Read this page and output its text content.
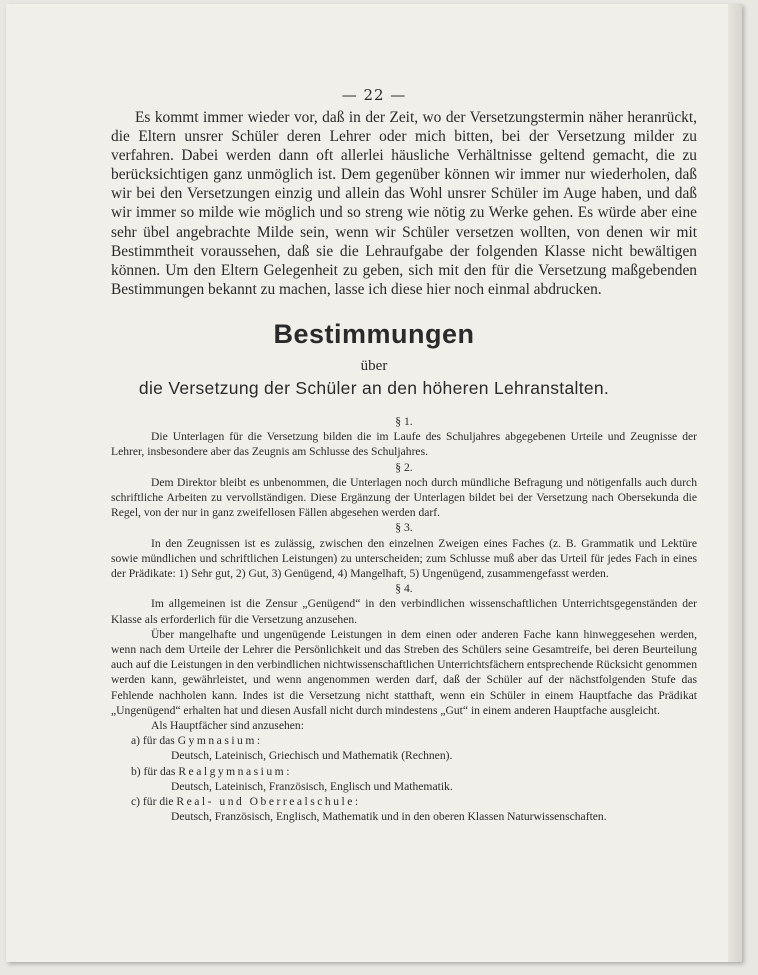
— 22 —

Es kommt immer wieder vor, daß in der Zeit, wo der Versetzungstermin näher heranrückt, die Eltern unsrer Schüler deren Lehrer oder mich bitten, bei der Versetzung milder zu verfahren. Dabei werden dann oft allerlei häusliche Verhältnisse geltend gemacht, die zu berücksichtigen ganz unmöglich ist. Dem gegenüber können wir immer nur wiederholen, daß wir bei den Versetzungen einzig und allein das Wohl unsrer Schüler im Auge haben, und daß wir immer so milde wie möglich und so streng wie nötig zu Werke gehen. Es würde aber eine sehr übel angebrachte Milde sein, wenn wir Schüler versetzen wollten, von denen wir mit Bestimmtheit voraussehen, daß sie die Lehraufgabe der folgenden Klasse nicht bewältigen können. Um den Eltern Gelegenheit zu geben, sich mit den für die Versetzung maßgebenden Bestimmungen bekannt zu machen, lasse ich diese hier noch einmal abdrucken.

Bestimmungen
über
die Versetzung der Schüler an den höheren Lehranstalten.

§ 1.

Die Unterlagen für die Versetzung bilden die im Laufe des Schuljahres abgegebenen Urteile und Zeugnisse der Lehrer, insbesondere aber das Zeugnis am Schlusse des Schuljahres.

§ 2.

Dem Direktor bleibt es unbenommen, die Unterlagen noch durch mündliche Befragung und nötigenfalls auch durch schriftliche Arbeiten zu vervollständigen. Diese Ergänzung der Unterlagen bildet bei der Versetzung nach Obersekunda die Regel, von der nur in ganz zweifellosen Fällen abgesehen werden darf.

§ 3.

In den Zeugnissen ist es zulässig, zwischen den einzelnen Zweigen eines Faches (z. B. Grammatik und Lektüre sowie mündlichen und schriftlichen Leistungen) zu unterscheiden; zum Schlusse muß aber das Urteil für jedes Fach in eines der Prädikate: 1) Sehr gut, 2) Gut, 3) Genügend, 4) Mangelhaft, 5) Ungenügend, zusammengefasst werden.

§ 4.

Im allgemeinen ist die Zensur „Genügend“ in den verbindlichen wissenschaftlichen Unterrichtsgegenständen der Klasse als erforderlich für die Versetzung anzusehen.

Über mangelhafte und ungenügende Leistungen in dem einen oder anderen Fache kann hinweggesehen werden, wenn nach dem Urteile der Lehrer die Persönlichkeit und das Streben des Schülers seine Gesamtreife, bei deren Beurteilung auch auf die Leistungen in den verbindlichen nichtwissenschaftlichen Unterrichtsfächern entsprechende Rücksicht genommen werden kann, gewährleistet, und wenn angenommen werden darf, daß der Schüler auf der nächstfolgenden Stufe das Fehlende nachholen kann. Indes ist die Versetzung nicht statthaft, wenn ein Schüler in einem Hauptfache das Prädikat „Ungenügend“ erhalten hat und diesen Ausfall nicht durch mindestens „Gut“ in einem anderen Hauptfache ausgleicht.

Als Hauptfächer sind anzusehen:

a) für das Gymnasium:

Deutsch, Lateinisch, Griechisch und Mathematik (Rechnen).

b) für das Realgymnasium:

Deutsch, Lateinisch, Französisch, Englisch und Mathematik.

c) für die Real- und Oberrealschule:

Deutsch, Französisch, Englisch, Mathematik und in den oberen Klassen Naturwissenschaften.
